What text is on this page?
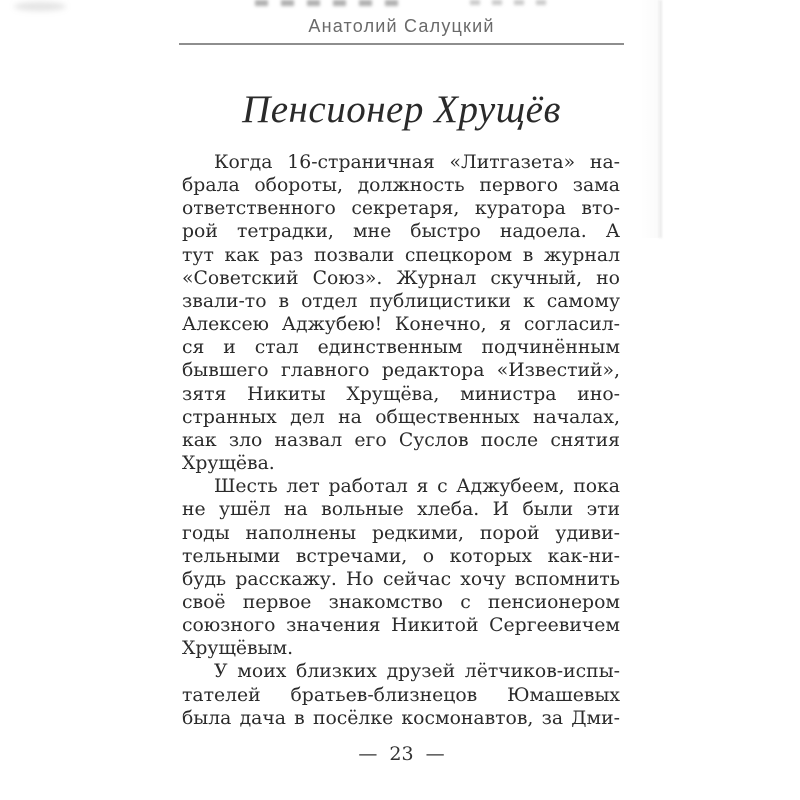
Анатолий Салуцкий
Пенсионер Хрущёв
Когда 16-страничная «Литгазета» на-
брала обороты, должность первого зама
ответственного секретаря, куратора вто-
рой тетрадки, мне быстро надоела. А
тут как раз позвали спецкором в журнал
«Советский Союз». Журнал скучный, но
звали-то в отдел публицистики к самому
Алексею Аджубею! Конечно, я согласил-
ся и стал единственным подчинённым
бывшего главного редактора «Известий»,
зятя Никиты Хрущёва, министра ино-
странных дел на общественных началах,
как зло назвал его Суслов после снятия
Хрущёва.
Шесть лет работал я с Аджубеем, пока
не ушёл на вольные хлеба. И были эти
годы наполнены редкими, порой удиви-
тельными встречами, о которых как-ни-
будь расскажу. Но сейчас хочу вспомнить
своё первое знакомство с пенсионером
союзного значения Никитой Сергеевичем
Хрущёвым.
У моих близких друзей лётчиков-испы-
тателей братьев-близнецов Юмашевых
была дача в посёлке космонавтов, за Дми-
—  23  —
